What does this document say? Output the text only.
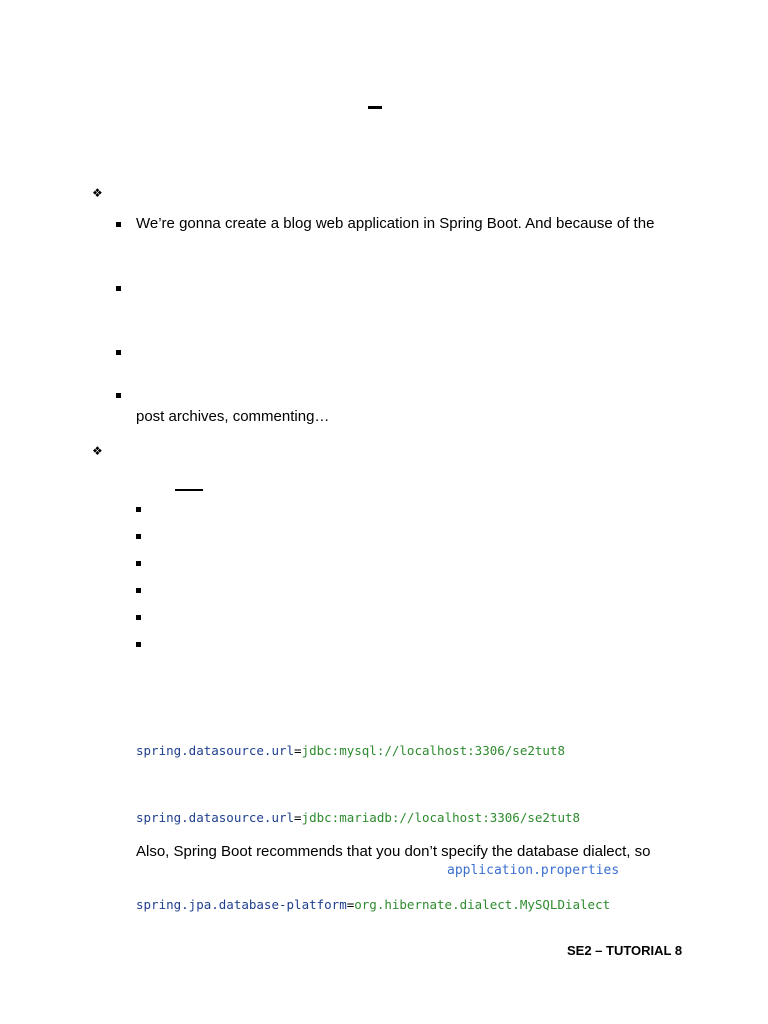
❖
We’re gonna create a blog web application in Spring Boot. And because of the
post archives, commenting…
❖
spring.datasource.url=jdbc:mysql://localhost:3306/se2tut8
spring.datasource.url=jdbc:mariadb://localhost:3306/se2tut8
Also, Spring Boot recommends that you don’t specify the database dialect, so
application.properties
spring.jpa.database-platform=org.hibernate.dialect.MySQLDialect
SE2 – TUTORIAL 8
